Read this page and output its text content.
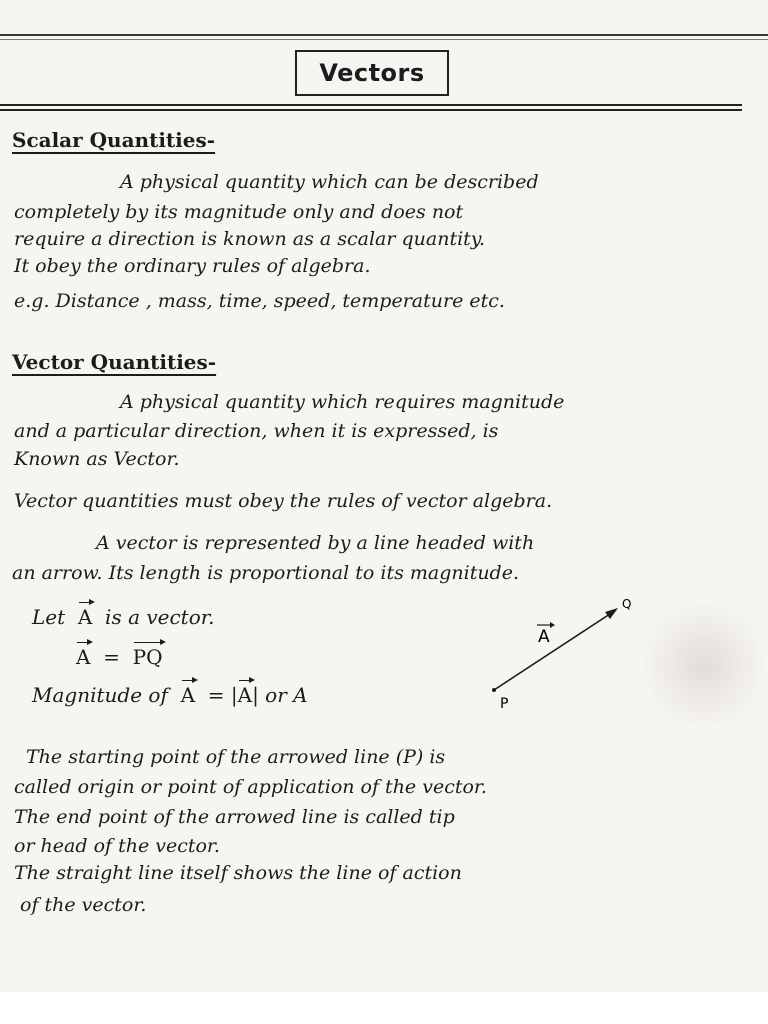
Vectors

Scalar Quantities-

A physical quantity which can be described

completely by its magnitude only and does not

require a direction is known as a scalar quantity.

It obey the ordinary rules of algebra.

e.g. Distance , mass, time, speed, temperature etc.

Vector Quantities-

A physical quantity which requires magnitude

and a particular direction, when it is expressed, is

Known as Vector.

Vector quantities must obey the rules of vector algebra.

A vector is represented by a line headed with

an arrow. Its length is proportional to its magnitude.

Let A is a vector.

A = PQ

Magnitude of A = |A| or A	P
Q
A

The starting point of the arrowed line (P) is

called origin or point of application of the vector.

The end point of the arrowed line is called tip

or head of the vector.

The straight line itself shows the line of action

of the vector.
